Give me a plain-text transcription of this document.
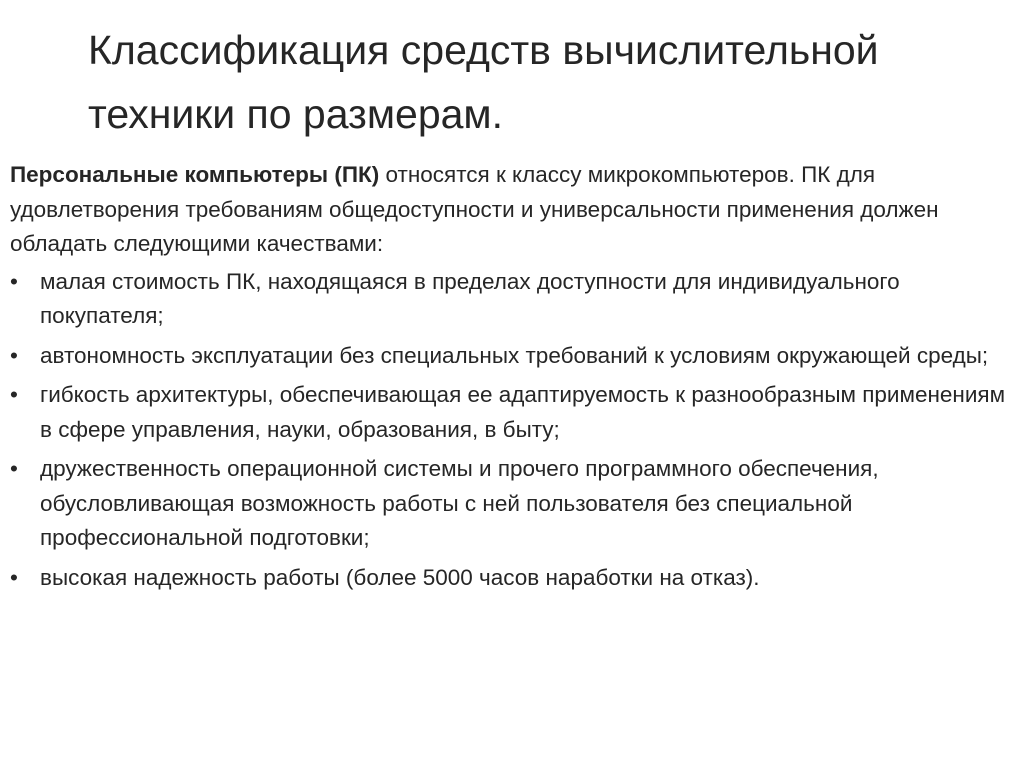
Классификация средств вычислительной техники по размерам.

Персональные компьютеры (ПК) относятся к классу микрокомпьютеров. ПК для удовлетворения требованиям общедоступности и универсальности применения должен обладать следующими качествами:

• малая стоимость ПК, находящаяся в пределах доступности для индивидуального покупателя;
• автономность эксплуатации без специальных требований к условиям окружающей среды;
• гибкость архитектуры, обеспечивающая ее адаптируемость к разнообразным применениям в сфере управления, науки, образования, в быту;
• дружественность операционной системы и прочего программного обеспечения, обусловливающая возможность работы с ней пользователя без специальной профессиональной подготовки;
• высокая надежность работы (более 5000 часов наработки на отказ).
